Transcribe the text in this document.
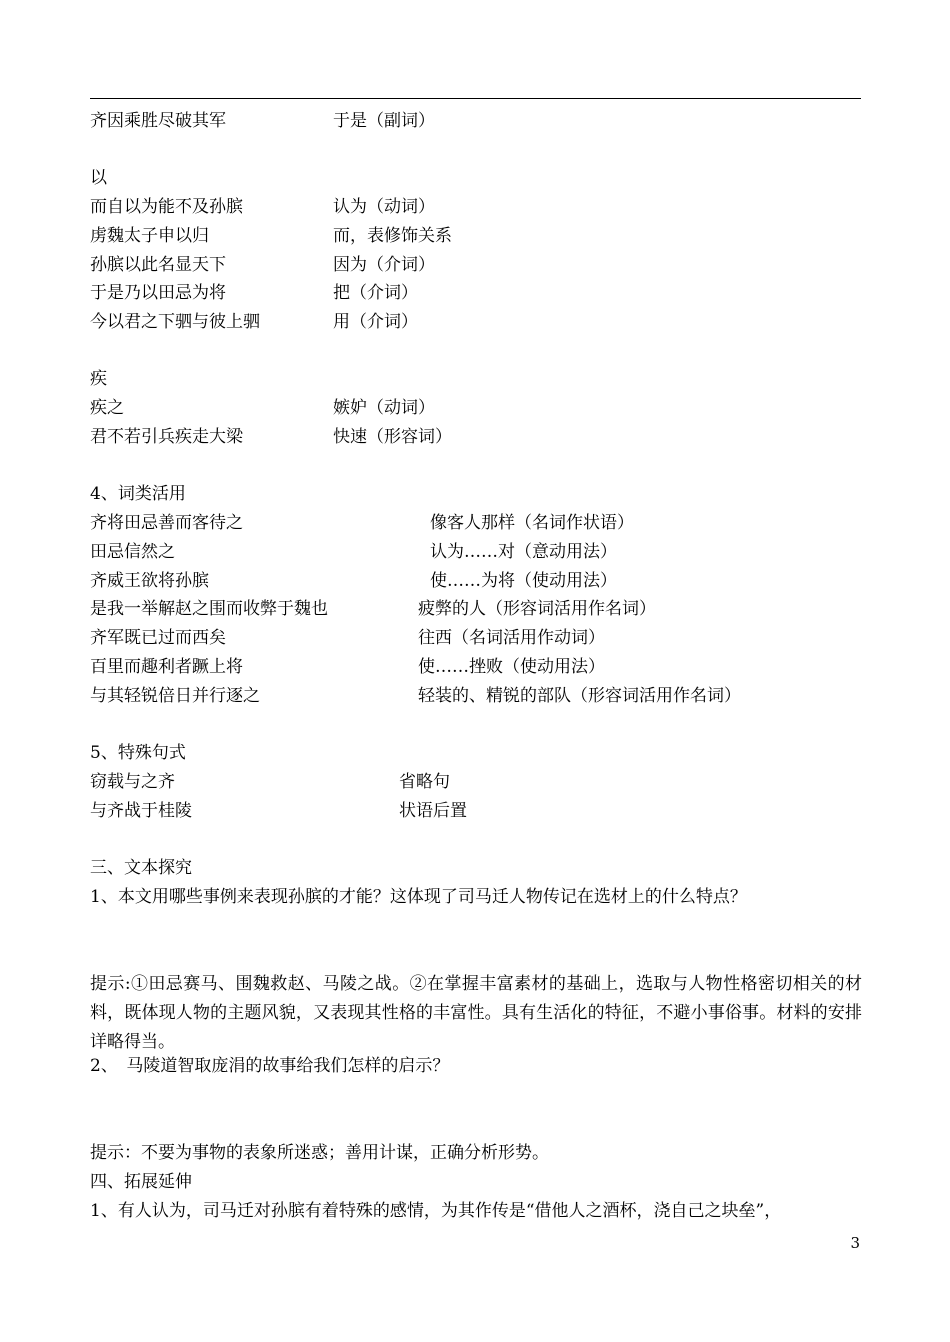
齐因乘胜尽破其军	于是（副词）
以
而自以为能不及孙膑	认为（动词）
虏魏太子申以归	而，表修饰关系
孙膑以此名显天下	因为（介词）
于是乃以田忌为将	把（介词）
今以君之下驷与彼上驷	用（介词）
疾
疾之	嫉妒（动词）
君不若引兵疾走大梁	快速（形容词）
4、词类活用
齐将田忌善而客待之	像客人那样（名词作状语）
田忌信然之	认为……对（意动用法）
齐威王欲将孙膑	使……为将（使动用法）
是我一举解赵之围而收弊于魏也	疲弊的人（形容词活用作名词）
齐军既已过而西矣	往西（名词活用作动词）
百里而趣利者蹶上将	使……挫败（使动用法）
与其轻锐倍日并行逐之	轻装的、精锐的部队（形容词活用作名词）
5、特殊句式
窃载与之齐	省略句
与齐战于桂陵	状语后置
三、文本探究
1、本文用哪些事例来表现孙膑的才能？这体现了司马迁人物传记在选材上的什么特点？
提示:①田忌赛马、围魏救赵、马陵之战。②在掌握丰富素材的基础上，选取与人物性格密切相关的材料，既体现人物的主题风貌，又表现其性格的丰富性。具有生活化的特征，不避小事俗事。材料的安排详略得当。
2、　马陵道智取庞涓的故事给我们怎样的启示？
提示：不要为事物的表象所迷惑；善用计谋，正确分析形势。
四、拓展延伸
1、有人认为，司马迁对孙膑有着特殊的感情，为其作传是“借他人之酒杯，浇自己之块垒”，
3
